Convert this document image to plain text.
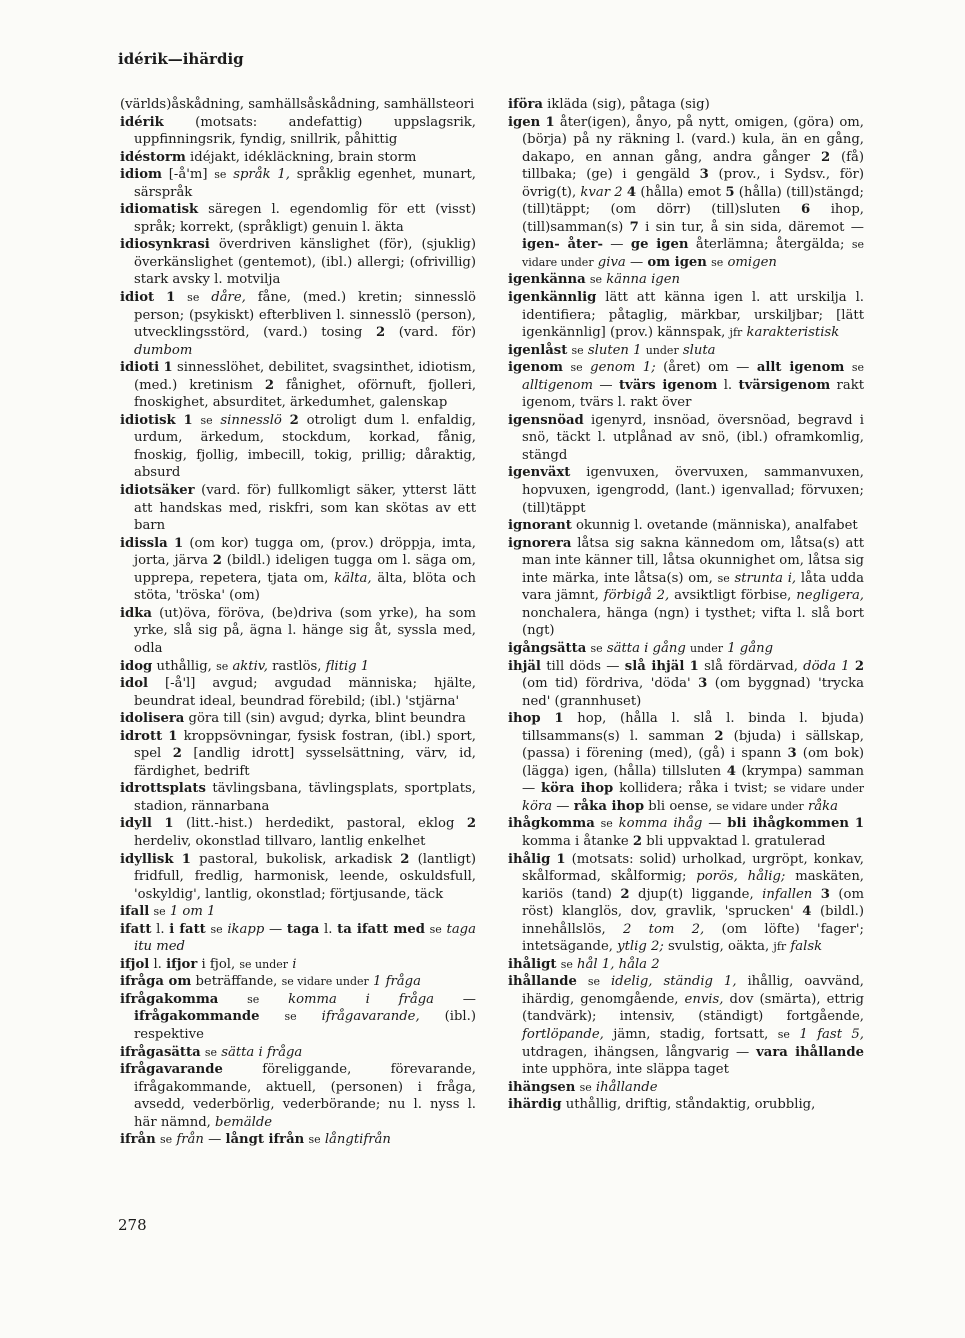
idérik—ihärdig
(världs)åskådning, samhällsåskådning, samhällsteori
idérik (motsats: andefattig) uppslagsrik, uppfinningsrik, fyndig, snillrik, påhittig
idéstorm idéjakt, idékläckning, brain storm
idiom [-å'm] se språk 1, språklig egenhet, munart, särspråk
idiomatisk säregen l. egendomlig för ett (visst) språk; korrekt, (språkligt) genuin l. äkta
idiosynkrasi överdriven känslighet (för), (sjuklig) överkänslighet (gentemot), (ibl.) allergi; (ofrivillig) stark avsky l. motvilja
idiot 1 se dåre, fåne, (med.) kretin; sinnesslö person; (psykiskt) efterbliven l. sinnesslö (person), utvecklingsstörd, (vard.) tosing 2 (vard. för) dumbom
idioti 1 sinnesslöhet, debilitet, svagsinthet, idiotism, (med.) kretinism 2 fånighet, oförnuft, fjolleri, fnoskighet, absurditet, ärkedumhet, galenskap
idiotisk 1 se sinnesslö 2 otroligt dum l. enfaldig, urdum, ärkedum, stockdum, korkad, fånig, fnoskig, fjollig, imbecill, tokig, prillig; dåraktig, absurd
idiotsäker (vard. för) fullkomligt säker, ytterst lätt att handskas med, riskfri, som kan skötas av ett barn
idissla 1 (om kor) tugga om, (prov.) dröppja, imta, jorta, järva 2 (bildl.) ideligen tugga om l. säga om, upprepa, repetera, tjata om, kälta, älta, blöta och stöta, 'tröska' (om)
idka (ut)öva, föröva, (be)driva (som yrke), ha som yrke, slå sig på, ägna l. hänge sig åt, syssla med, odla
idog uthållig, se aktiv, rastlös, flitig 1
idol [-å'l] avgud; avgudad människa; hjälte, beundrat ideal, beundrad förebild; (ibl.) 'stjärna'
idolisera göra till (sin) avgud; dyrka, blint beundra
idrott 1 kroppsövningar, fysisk fostran, (ibl.) sport, spel 2 [andlig idrott] sysselsättning, värv, id, färdighet, bedrift
idrottsplats tävlingsbana, tävlingsplats, sportplats, stadion, rännarbana
idyll 1 (litt.-hist.) herdedikt, pastoral, eklog 2 herdeliv, okonstlad tillvaro, lantlig enkelhet
idyllisk 1 pastoral, bukolisk, arkadisk 2 (lantligt) fridfull, fredlig, harmonisk, leende, oskuldsfull, 'oskyldig', lantlig, okonstlad; förtjusande, täck
ifall se 1 om 1
ifatt l. i fatt se ikapp — taga l. ta ifatt med se taga itu med
ifjol l. ifjor i fjol, se under i
ifråga om beträffande, se vidare under 1 fråga
ifrågakomma	se komma i fråga — ifrågakommande se ifrågavarande, (ibl.) respektive
ifrågasätta se sätta i fråga
ifrågavarande föreliggande, förevarande, ifrågakommande, aktuell, (personen) i fråga, avsedd, vederbörlig, vederbörande; nu l. nyss l. här nämnd, bemälde
ifrån se från — långt ifrån se långtifrån
iföra ikläda (sig), påtaga (sig)
igen 1 åter(igen), ånyo, på nytt, omigen, (göra) om, (börja) på ny räkning l. (vard.) kula, än en gång, dakapo, en annan gång, andra gånger 2 (få) tillbaka; (ge) i gengäld 3 (prov., i Sydsv., för) övrig(t), kvar 2 4 (hålla) emot 5 (hålla) (till)stängd; (till)täppt; (om dörr) (till)sluten 6 ihop, (till)samman(s) 7 i sin tur, å sin sida, däremot — igen- åter- — ge igen återlämna; återgälda; se vidare under giva — om igen se omigen
igenkänna se känna igen
igenkännlig lätt att känna igen l. att urskilja l. identifiera; påtaglig, märkbar, urskiljbar; [lätt igenkännlig] (prov.) kännspak, jfr karakteristisk
igenlåst se sluten 1 under sluta
igenom se genom 1; (året) om — allt igenom se alltigenom — tvärs igenom l. tvärsigenom rakt igenom, tvärs l. rakt över
igensnöad igenyrd, insnöad, översnöad, begravd i snö, täckt l. utplånad av snö, (ibl.) oframkomlig, stängd
igenväxt igenvuxen, övervuxen, sammanvuxen, hopvuxen, igengrodd, (lant.) igenvallad; förvuxen; (till)täppt
ignorant okunnig l. ovetande (människa), analfabet
ignorera låtsa sig sakna kännedom om, låtsa(s) att man inte känner till, låtsa okunnighet om, låtsa sig inte märka, inte låtsa(s) om, se strunta i, låta udda vara jämnt, förbigå 2, avsiktligt förbise, negligera, nonchalera, hänga (ngn) i tysthet; vifta l. slå bort (ngt)
igångsätta se sätta i gång under 1 gång
ihjäl till döds — slå ihjäl 1 slå fördärvad, döda 1 2 (om tid) fördriva, 'döda' 3 (om byggnad) 'trycka ned' (grannhuset)
ihop 1 hop, (hålla l. slå l. binda l. bjuda) tillsammans(s) l. samman 2 (bjuda) i sällskap, (passa) i förening (med), (gå) i spann 3 (om bok) (lägga) igen, (hålla) tillsluten 4 (krympa) samman — köra ihop kollidera; råka i tvist; se vidare under köra — råka ihop bli oense, se vidare under råka
ihågkomma se komma ihåg — bli ihågkommen 1 komma i åtanke 2 bli uppvaktad l. gratulerad
ihålig 1 (motsats: solid) urholkad, urgröpt, konkav, skålformad, skålformig; porös, hålig; maskäten, kariös (tand) 2 djup(t) liggande, infallen 3 (om röst) klanglös, dov, gravlik, 'sprucken' 4 (bildl.) innehållslös, 2 tom 2, (om löfte) 'fager'; intetsägande, ytlig 2; svulstig, oäkta, jfr falsk
ihåligt se hål 1, håla 2
ihållande se idelig, ständig 1, ihållig, oavvänd, ihärdig, genomgående, envis, dov (smärta), ettrig (tandvärk); intensiv, (ständigt) fortgående, fortlöpande, jämn, stadig, fortsatt, se 1 fast 5, utdragen, ihängsen, långvarig — vara ihållande inte upphöra, inte släppa taget
ihängsen se ihållande
ihärdig uthållig, driftig, ståndaktig, orubblig,
278
